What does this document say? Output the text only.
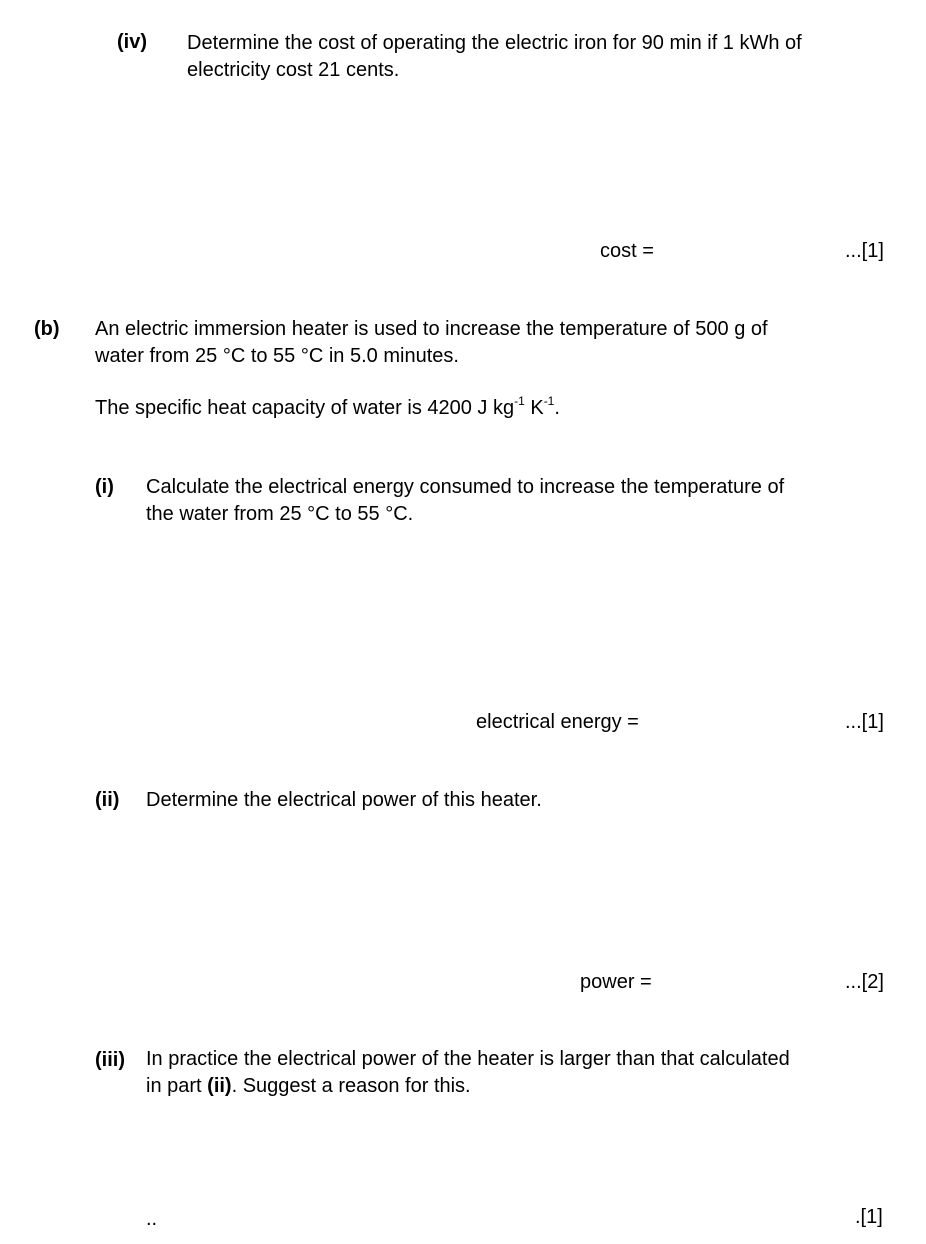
(iv) Determine the cost of operating the electric iron for 90 min if 1 kWh of
electricity cost 21 cents.
cost =	...[1]
(b) An electric immersion heater is used to increase the temperature of 500 g of
water from 25 °C to 55 °C in 5.0 minutes.
The specific heat capacity of water is 4200 J $kg^{-1}$ $K^{-1}$.
(i) Calculate the electrical energy consumed to increase the temperature of
the water from 25 °C to 55 °C.
electrical energy =	...[1]
(ii) Determine the electrical power of this heater.
power =	...[2]
(iii) In practice the electrical power of the heater is larger than that calculated
in part (ii). Suggest a reason for this.
..	.[1]
